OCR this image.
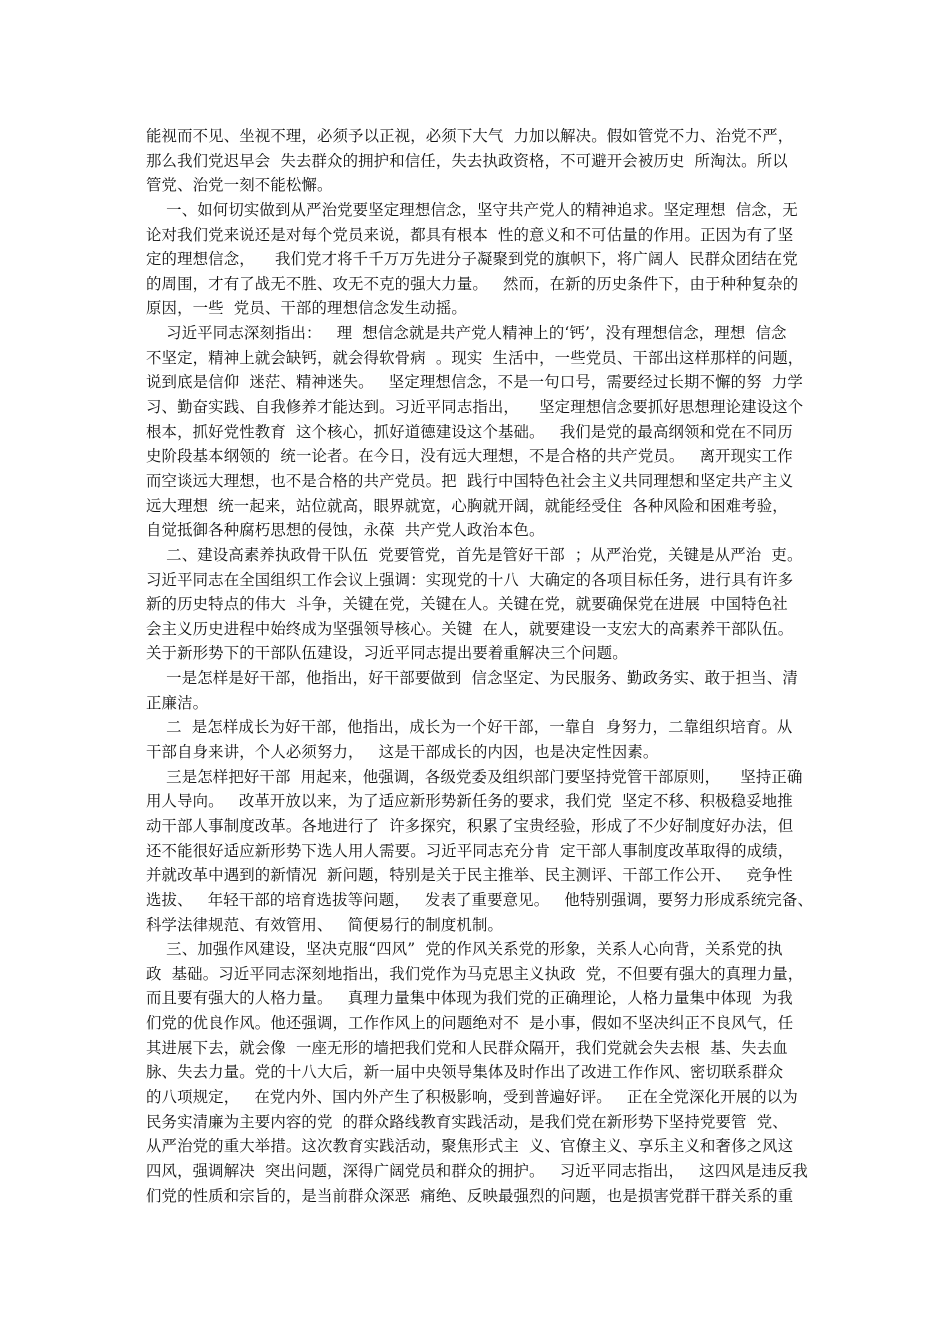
能视而不见、坐视不理，必须予以正视，必须下大气  力加以解决。假如管党不力、治党不严，
那么我们党迟早会  失去群众的拥护和信任，失去执政资格，不可避开会被历史  所淘汰。所以
管党、治党一刻不能松懈。
一、如何切实做到从严治党要坚定理想信念，坚守共产党人的精神追求。坚定理想  信念，无
论对我们党来说还是对每个党员来说，都具有根本  性的意义和不可估量的作用。正因为有了坚
定的理想信念，    我们党才将千千万万先进分子凝聚到党的旗帜下，将广阔人  民群众团结在党
的周围，才有了战无不胜、攻无不克的强大力量。   然而，在新的历史条件下，由于种种复杂的
原因，一些  党员、干部的理想信念发生动摇。
习近平同志深刻指出：   理  想信念就是共产党人精神上的‘钙’，没有理想信念，理想  信念
不坚定，精神上就会缺钙，就会得软骨病  。现实  生活中，一些党员、干部出这样那样的问题，
说到底是信仰  迷茫、精神迷失。   坚定理想信念，不是一句口号，需要经过长期不懈的努  力学
习、勤奋实践、自我修养才能达到。习近平同志指出，    坚定理想信念要抓好思想理论建设这个
根本，抓好党性教育  这个核心，抓好道德建设这个基础。   我们是党的最高纲领和党在不同历
史阶段基本纲领的  统一论者。在今日，没有远大理想，不是合格的共产党员。   离开现实工作
而空谈远大理想，也不是合格的共产党员。把  践行中国特色社会主义共同理想和坚定共产主义
远大理想  统一起来，站位就高，眼界就宽，心胸就开阔，就能经受住  各种风险和困难考验，
自觉抵御各种腐朽思想的侵蚀，永葆  共产党人政治本色。
二、建设高素养执政骨干队伍  党要管党，首先是管好干部  ；从严治党，关键是从严治  吏。
习近平同志在全国组织工作会议上强调：实现党的十八  大确定的各项目标任务，进行具有许多
新的历史特点的伟大  斗争，关键在党，关键在人。关键在党，就要确保党在进展  中国特色社
会主义历史进程中始终成为坚强领导核心。关键  在人，就要建设一支宏大的高素养干部队伍。
关于新形势下的干部队伍建设，习近平同志提出要着重解决三个问题。
一是怎样是好干部，他指出，好干部要做到  信念坚定、为民服务、勤政务实、敢于担当、清
正廉洁。
二  是怎样成长为好干部，他指出，成长为一个好干部，一靠自  身努力，二靠组织培育。从
干部自身来讲，个人必须努力，   这是干部成长的内因，也是决定性因素。
三是怎样把好干部  用起来，他强调，各级党委及组织部门要坚持党管干部原则，    坚持正确
用人导向。   改革开放以来，为了适应新形势新任务的要求，我们党  坚定不移、积极稳妥地推
动干部人事制度改革。各地进行了  许多探究，积累了宝贵经验，形成了不少好制度好办法，但
还不能很好适应新形势下选人用人需要。习近平同志充分肯  定干部人事制度改革取得的成绩，
并就改革中遇到的新情况  新问题，特别是关于民主推举、民主测评、干部工作公开、   竞争性
选拔、   年轻干部的培育选拔等问题，   发表了重要意见。   他特别强调，要努力形成系统完备、
科学法律规范、有效管用、   简便易行的制度机制。
三、加强作风建设，坚决克服“四风”  党的作风关系党的形象，关系人心向背，关系党的执
政  基础。习近平同志深刻地指出，我们党作为马克思主义执政  党，不但要有强大的真理力量，
而且要有强大的人格力量。   真理力量集中体现为我们党的正确理论，人格力量集中体现  为我
们党的优良作风。他还强调，工作作风上的问题绝对不  是小事，假如不坚决纠正不良风气，任
其进展下去，就会像  一座无形的墙把我们党和人民群众隔开，我们党就会失去根  基、失去血
脉、失去力量。党的十八大后，新一届中央领导集体及时作出了改进工作作风、密切联系群众
的八项规定，   在党内外、国内外产生了积极影响，受到普遍好评。   正在全党深化开展的以为
民务实清廉为主要内容的党  的群众路线教育实践活动，是我们党在新形势下坚持党要管  党、
从严治党的重大举措。这次教育实践活动，聚焦形式主  义、官僚主义、享乐主义和奢侈之风这
四风，强调解决  突出问题，深得广阔党员和群众的拥护。   习近平同志指出，   这四风是违反我
们党的性质和宗旨的，是当前群众深恶  痛绝、反映最强烈的问题，也是损害党群干群关系的重
